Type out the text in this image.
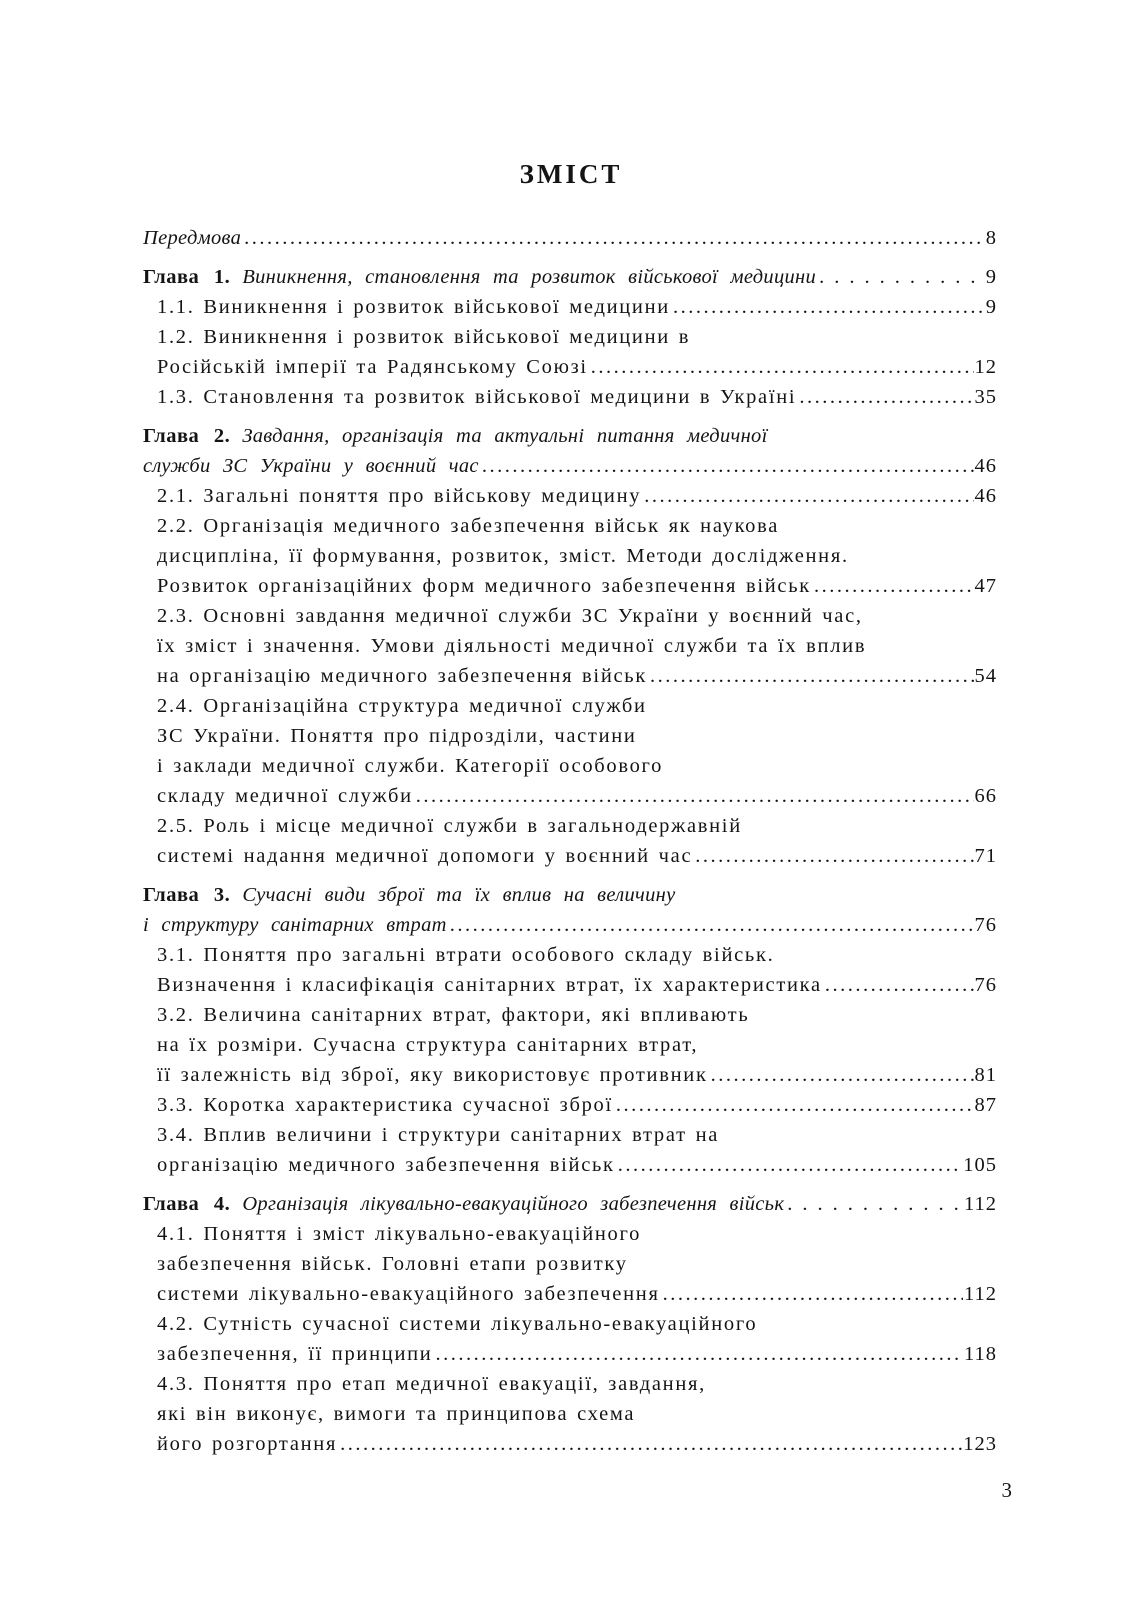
ЗМІСТ
Передмова .....	8
Глава 1. Виникнення, становлення та розвиток військової медицини .....	9
1.1. Виникнення і розвиток військової медицини .....	9
1.2. Виникнення і розвиток військової медицини в
Російській імперії та Радянському Союзі .....	12
1.3. Становлення та розвиток військової медицини в Україні .....	35
Глава 2. Завдання, організація та актуальні питання медичної
служби ЗС України у воєнний час .....	46
2.1. Загальні поняття про військову медицину .....	46
2.2. Організація медичного забезпечення військ як наукова
дисципліна, її формування, розвиток, зміст. Методи дослідження.
Розвиток організаційних форм медичного забезпечення військ .....	47
2.3. Основні завдання медичної служби ЗС України у воєнний час,
їх зміст і значення. Умови діяльності медичної служби та їх вплив
на організацію медичного забезпечення військ .....	54
2.4. Організаційна структура медичної служби
ЗС України. Поняття про підрозділи, частини
і заклади медичної служби. Категорії особового
складу медичної служби .....	66
2.5. Роль і місце медичної служби в загальнодержавній
системі надання медичної допомоги у воєнний час .....	71
Глава 3. Сучасні види зброї та їх вплив на величину
і структуру санітарних втрат .....	76
3.1. Поняття про загальні втрати особового складу військ.
Визначення і класифікація санітарних втрат, їх характеристика .....	76
3.2. Величина санітарних втрат, фактори, які впливають
на їх розміри. Сучасна структура санітарних втрат,
її залежність від зброї, яку використовує противник .....	81
3.3. Коротка характеристика сучасної зброї .....	87
3.4. Вплив величини і структури санітарних втрат на
організацію медичного забезпечення військ .....	105
Глава 4. Організація лікувально-евакуаційного забезпечення військ .....	112
4.1. Поняття і зміст лікувально-евакуаційного
забезпечення військ. Головні етапи розвитку
системи лікувально-евакуаційного забезпечення .....	112
4.2. Сутність сучасної системи лікувально-евакуаційного
забезпечення, її принципи .....	118
4.3. Поняття про етап медичної евакуації, завдання,
які він виконує, вимоги та принципова схема
його розгортання .....	123
3
